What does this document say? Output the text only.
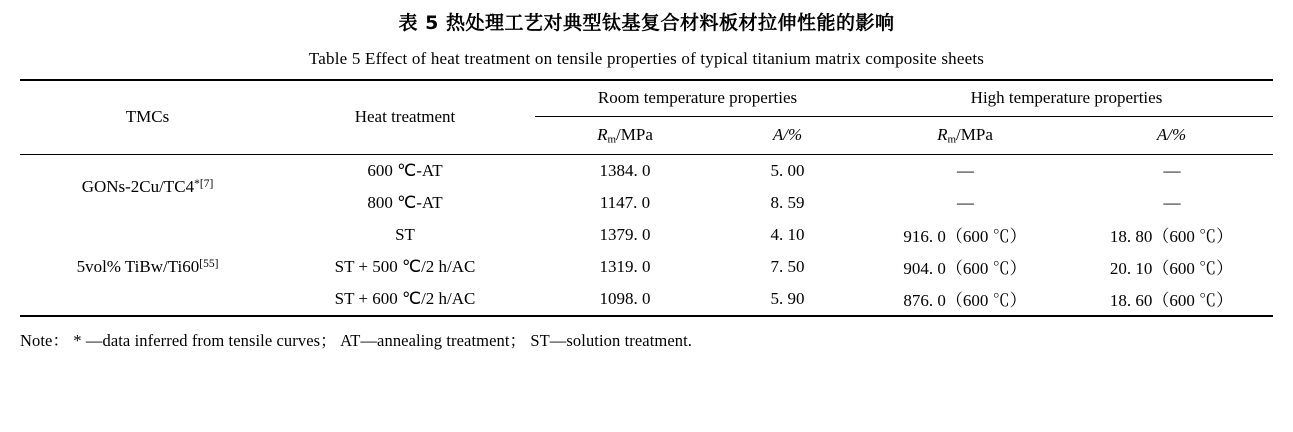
表 5 热处理工艺对典型钛基复合材料板材拉伸性能的影响
Table 5 Effect of heat treatment on tensile properties of typical titanium matrix composite sheets
TMCs	Heat treatment	Room temperature properties		High temperature properties	
		$R_m$/MPa	A/%	$R_m$/MPa	A/%
GONs-$2Cu/TC4^{*[7]}$	600 ℃-AT	1384. 0	5. 00	—	—
	800 ℃-AT	1147. 0	8. 59	—	—
5vol% TiBw/Ti60[55]	ST	1379. 0	4. 10	916. 0（600 ℃）	18. 80（600 ℃）
	ST + 500 ℃/2 h/AC	1319. 0	7. 50	904. 0（600 ℃）	20. 10（600 ℃）
	ST + 600 ℃/2 h/AC	1098. 0	5. 90	876. 0（600 ℃）	18. 60（600 ℃）
Note： * —data inferred from tensile curves； AT—annealing treatment； ST—solution treatment.
